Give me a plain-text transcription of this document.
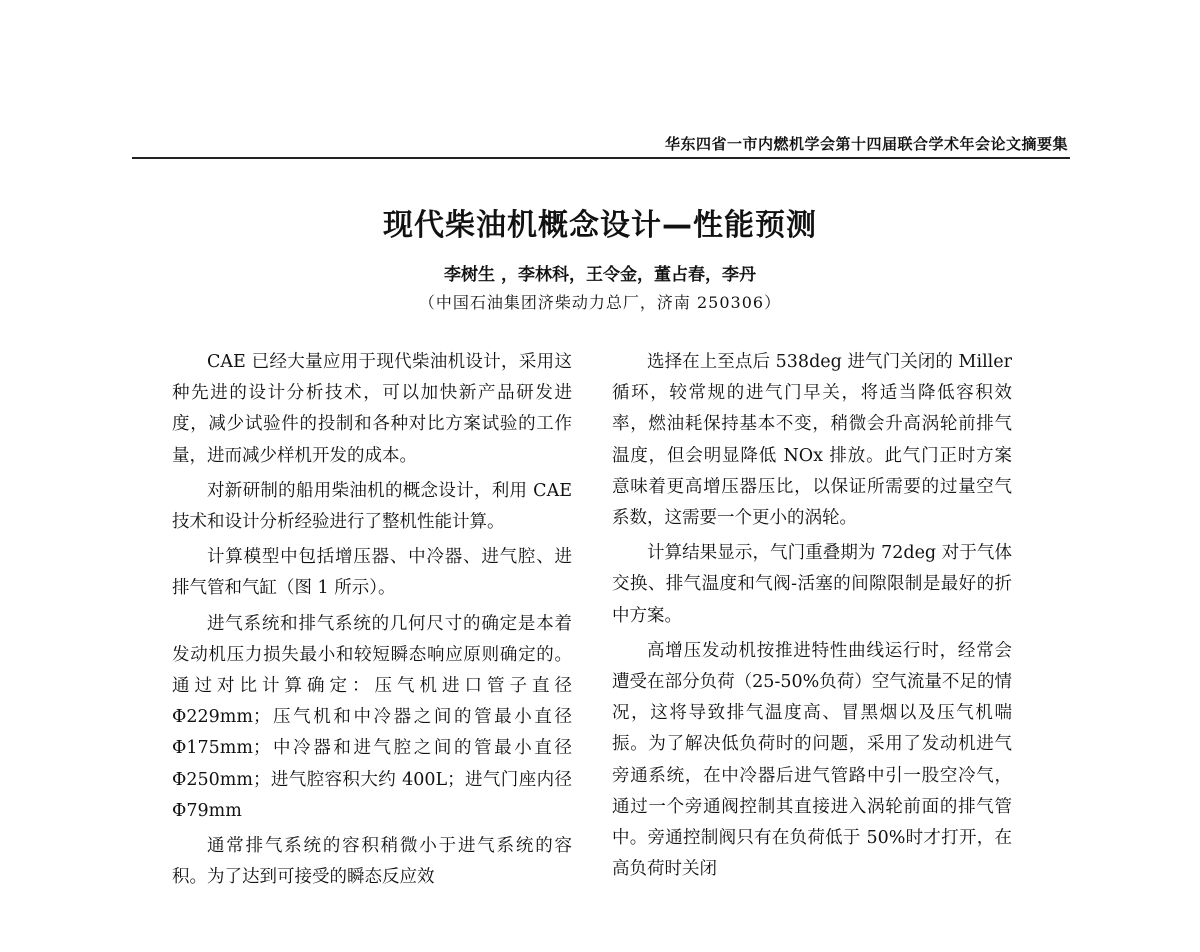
华东四省一市内燃机学会第十四届联合学术年会论文摘要集
现代柴油机概念设计—性能预测
李树生 ，李林科，王令金，董占春，李丹
（中国石油集团济柴动力总厂，济南 250306）

CAE 已经大量应用于现代柴油机设计，采用这种先进的设计分析技术，可以加快新产品研发进度，减少试验件的投制和各种对比方案试验的工作量，进而减少样机开发的成本。

对新研制的船用柴油机的概念设计，利用 CAE 技术和设计分析经验进行了整机性能计算。

计算模型中包括增压器、中冷器、进气腔、进排气管和气缸（图 1 所示）。

进气系统和排气系统的几何尺寸的确定是本着发动机压力损失最小和较短瞬态响应原则确定的。通过对比计算确定：压气机进口管子直径Φ229mm；压气机和中冷器之间的管最小直径Φ175mm；中冷器和进气腔之间的管最小直径Φ250mm；进气腔容积大约 400L；进气门座内径Φ79mm

通常排气系统的容积稍微小于进气系统的容积。为了达到可接受的瞬态反应效

选择在上至点后 538deg 进气门关闭的 Miller 循环，较常规的进气门早关，将适当降低容积效率，燃油耗保持基本不变，稍微会升高涡轮前排气温度，但会明显降低 NOx 排放。此气门正时方案意味着更高增压器压比，以保证所需要的过量空气系数，这需要一个更小的涡轮。

计算结果显示，气门重叠期为 72deg 对于气体交换、排气温度和气阀-活塞的间隙限制是最好的折中方案。

高增压发动机按推进特性曲线运行时，经常会遭受在部分负荷（25-50%负荷）空气流量不足的情况，这将导致排气温度高、冒黑烟以及压气机喘振。为了解决低负荷时的问题，采用了发动机进气旁通系统，在中冷器后进气管路中引一股空冷气，通过一个旁通阀控制其直接进入涡轮前面的排气管中。旁通控制阀只有在负荷低于 50%时才打开，在高负荷时关闭
